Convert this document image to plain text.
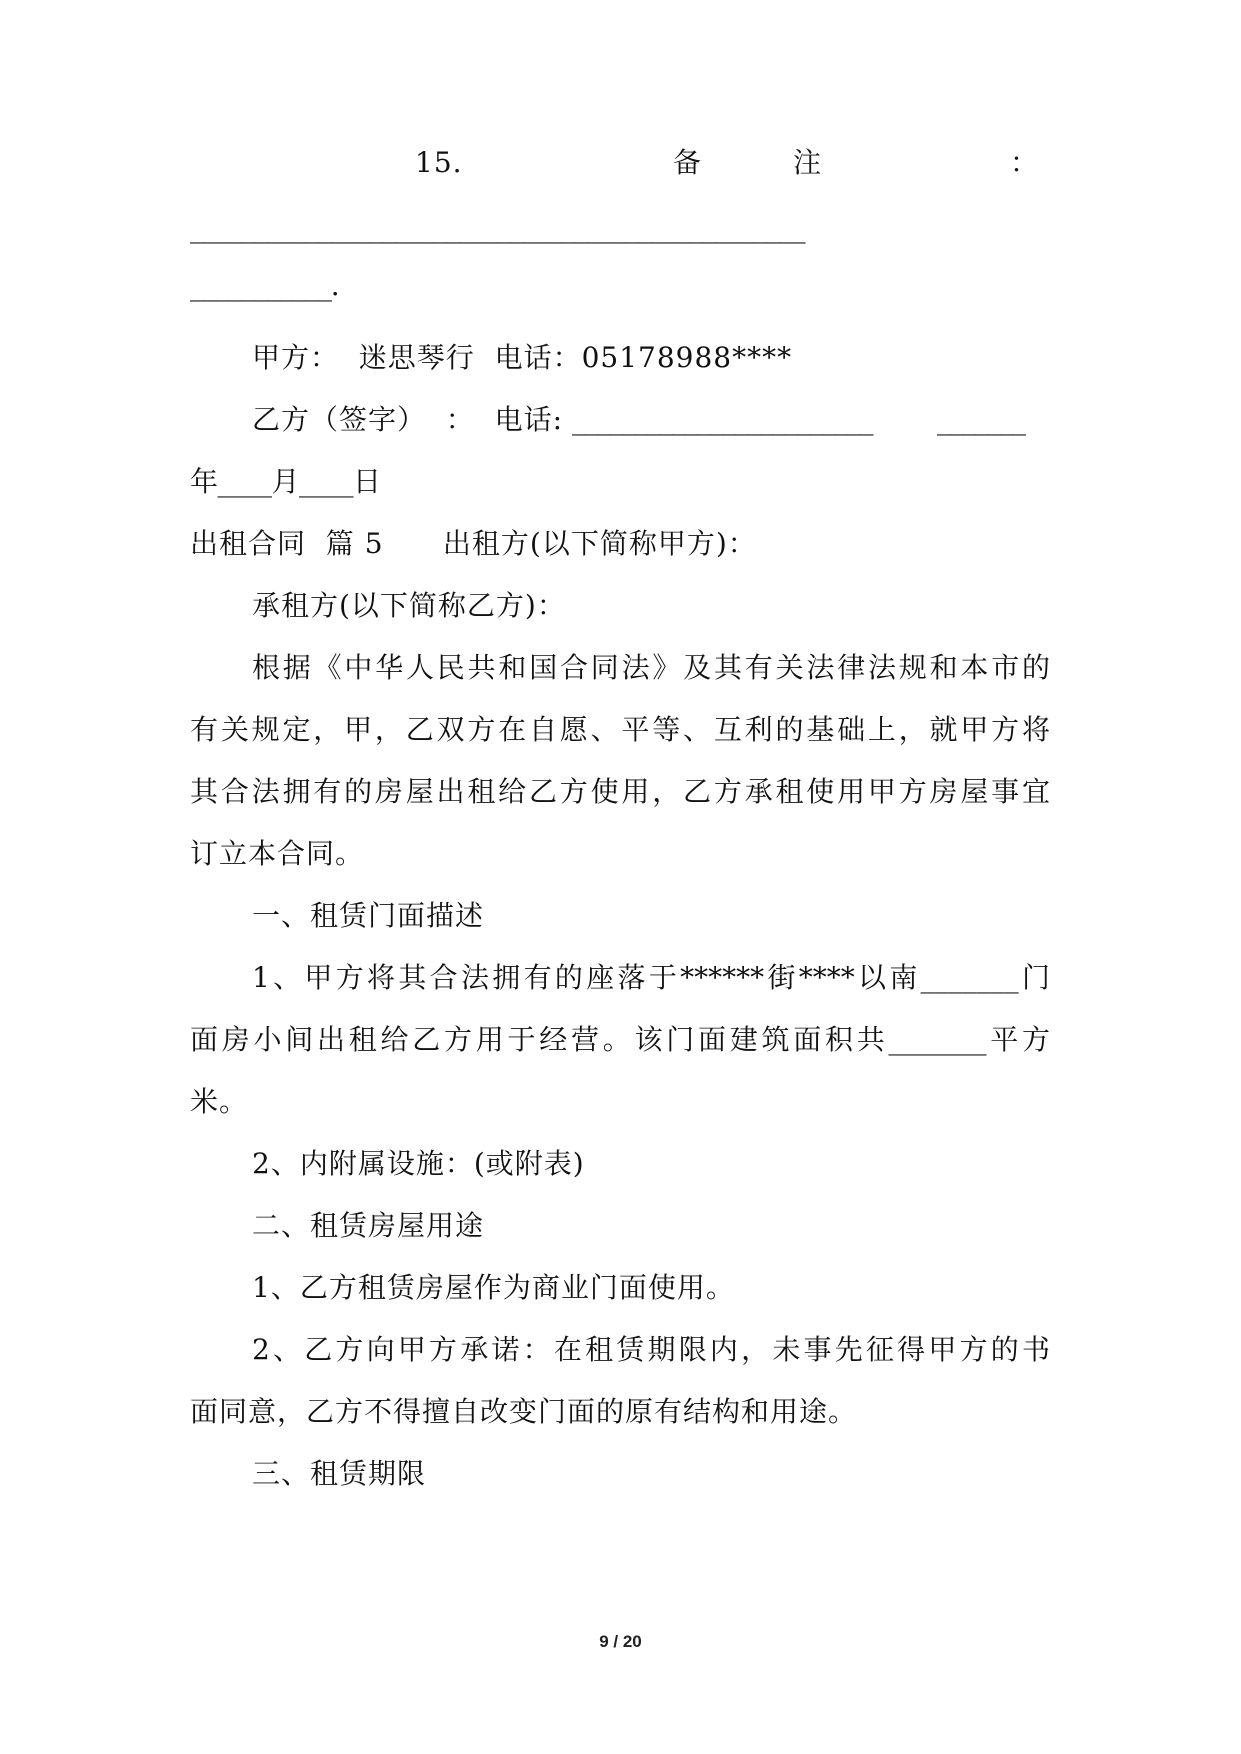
15.

	备

	注

	：

________________________________________________
___________.
甲方：  迷思琴行  电话：05178988****

乙方（签字）  ：  电话:

________________________

_______

年____月____日
出租合同  篇 5      出租方(以下简称甲方)：
承租方(以下简称乙方)：
根据《中华人民共和国合同法》及其有关法律法规和本市的
有关规定，甲，乙双方在自愿、平等、互利的基础上，就甲方将
其合法拥有的房屋出租给乙方使用，乙方承租使用甲方房屋事宜
订立本合同。
一、租赁门面描述
1、甲方将其合法拥有的座落于******街****以南_______门
面房小间出租给乙方用于经营。该门面建筑面积共_______平方
米。
2、内附属设施：(或附表)
二、租赁房屋用途
1、乙方租赁房屋作为商业门面使用。
2、乙方向甲方承诺：在租赁期限内，未事先征得甲方的书
面同意，乙方不得擅自改变门面的原有结构和用途。
三、租赁期限
9 / 20
